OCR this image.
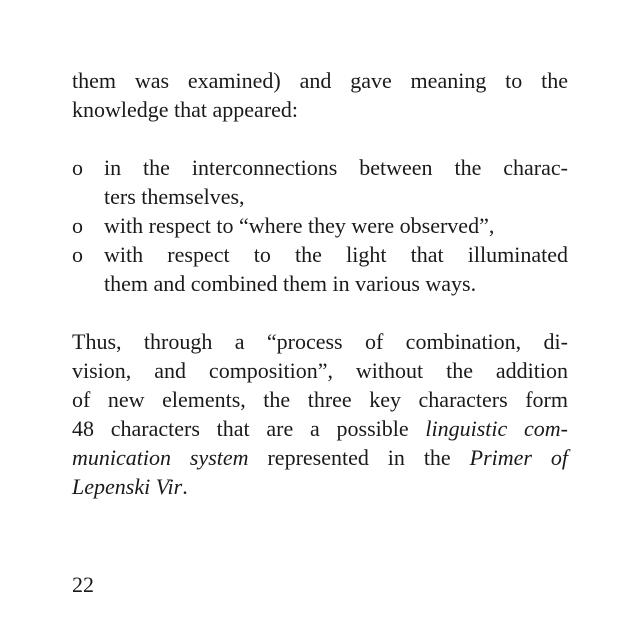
them was examined) and gave meaning to the
knowledge that appeared:
o in the interconnections between the charac-
ters themselves,
o with respect to “where they were observed”,
o with respect to the light that illuminated
them and combined them in various ways.
Thus, through a “process of combination, di-
vision, and composition”, without the addition
of new elements, the three key characters form
48 characters that are a possible linguistic com-
munication system represented in the Primer of
Lepenski Vir.
22
